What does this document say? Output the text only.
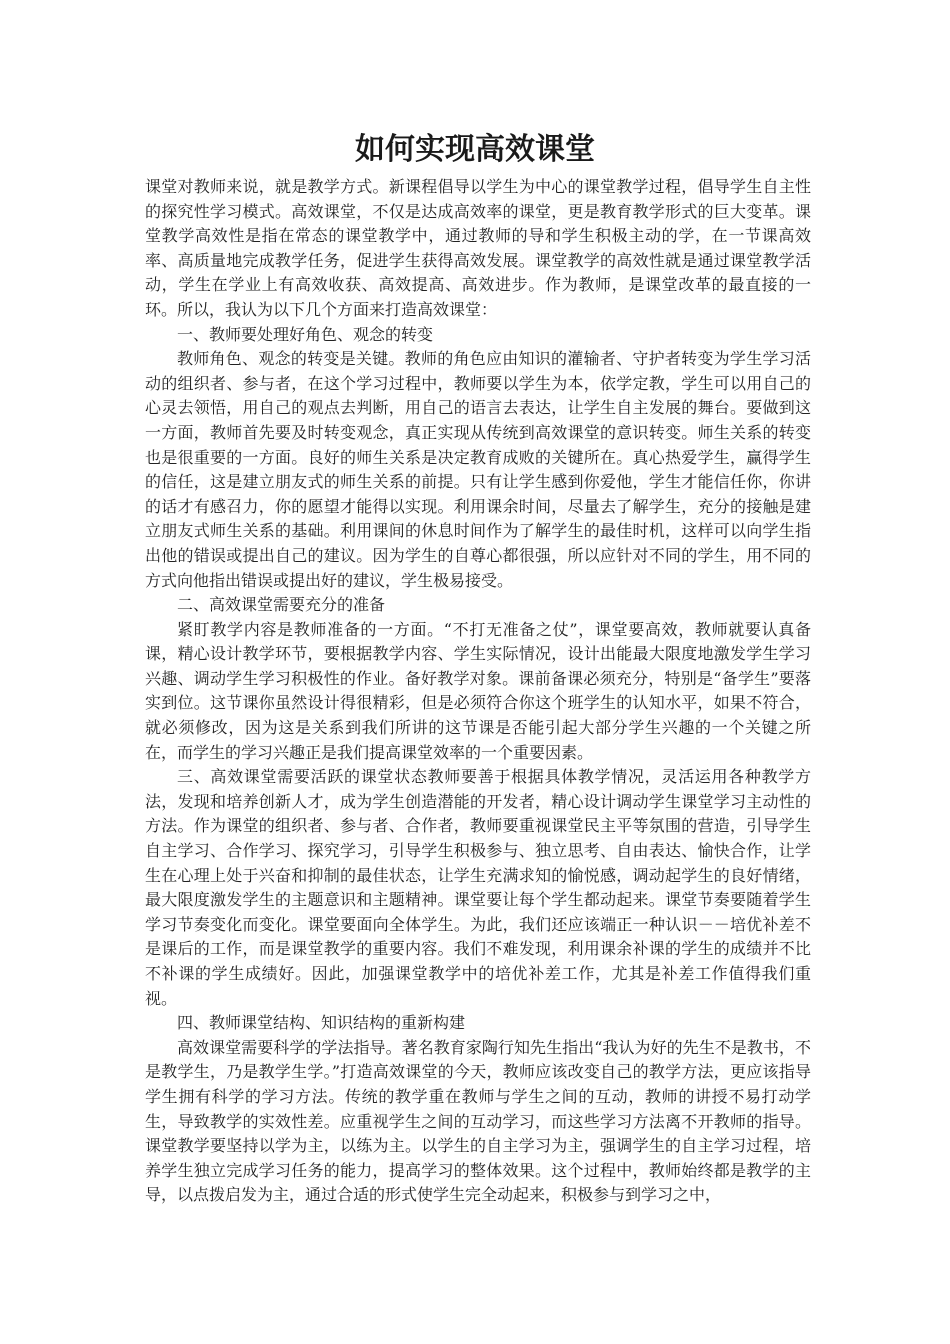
如何实现高效课堂

课堂对教师来说，就是教学方式。新课程倡导以学生为中心的课堂教学过程，倡导学生自主性的探究性学习模式。高效课堂，不仅是达成高效率的课堂，更是教育教学形式的巨大变革。课堂教学高效性是指在常态的课堂教学中，通过教师的导和学生积极主动的学，在一节课高效率、高质量地完成教学任务，促进学生获得高效发展。课堂教学的高效性就是通过课堂教学活动，学生在学业上有高效收获、高效提高、高效进步。作为教师，是课堂改革的最直接的一环。所以，我认为以下几个方面来打造高效课堂：

一、教师要处理好角色、观念的转变

教师角色、观念的转变是关键。教师的角色应由知识的灌输者、守护者转变为学生学习活动的组织者、参与者，在这个学习过程中，教师要以学生为本，依学定教，学生可以用自己的心灵去领悟，用自己的观点去判断，用自己的语言去表达，让学生自主发展的舞台。要做到这一方面，教师首先要及时转变观念，真正实现从传统到高效课堂的意识转变。师生关系的转变也是很重要的一方面。良好的师生关系是决定教育成败的关键所在。真心热爱学生，赢得学生的信任，这是建立朋友式的师生关系的前提。只有让学生感到你爱他，学生才能信任你，你讲的话才有感召力，你的愿望才能得以实现。利用课余时间，尽量去了解学生，充分的接触是建立朋友式师生关系的基础。利用课间的休息时间作为了解学生的最佳时机，这样可以向学生指出他的错误或提出自己的建议。因为学生的自尊心都很强，所以应针对不同的学生，用不同的方式向他指出错误或提出好的建议，学生极易接受。

二、高效课堂需要充分的准备

紧盯教学内容是教师准备的一方面。“不打无准备之仗”，课堂要高效，教师就要认真备课，精心设计教学环节，要根据教学内容、学生实际情况，设计出能最大限度地激发学生学习兴趣、调动学生学习积极性的作业。备好教学对象。课前备课必须充分，特别是“备学生”要落实到位。这节课你虽然设计得很精彩，但是必须符合你这个班学生的认知水平，如果不符合，就必须修改，因为这是关系到我们所讲的这节课是否能引起大部分学生兴趣的一个关键之所在，而学生的学习兴趣正是我们提高课堂效率的一个重要因素。

三、高效课堂需要活跃的课堂状态教师要善于根据具体教学情况，灵活运用各种教学方法，发现和培养创新人才，成为学生创造潜能的开发者，精心设计调动学生课堂学习主动性的方法。作为课堂的组织者、参与者、合作者，教师要重视课堂民主平等氛围的营造，引导学生自主学习、合作学习、探究学习，引导学生积极参与、独立思考、自由表达、愉快合作，让学生在心理上处于兴奋和抑制的最佳状态，让学生充满求知的愉悦感，调动起学生的良好情绪，最大限度激发学生的主题意识和主题精神。课堂要让每个学生都动起来。课堂节奏要随着学生学习节奏变化而变化。课堂要面向全体学生。为此，我们还应该端正一种认识－－培优补差不是课后的工作，而是课堂教学的重要内容。我们不难发现，利用课余补课的学生的成绩并不比不补课的学生成绩好。因此，加强课堂教学中的培优补差工作，尤其是补差工作值得我们重视。

四、教师课堂结构、知识结构的重新构建

高效课堂需要科学的学法指导。著名教育家陶行知先生指出“我认为好的先生不是教书，不是教学生，乃是教学生学。”打造高效课堂的今天，教师应该改变自己的教学方法，更应该指导学生拥有科学的学习方法。传统的教学重在教师与学生之间的互动，教师的讲授不易打动学生，导致教学的实效性差。应重视学生之间的互动学习，而这些学习方法离不开教师的指导。课堂教学要坚持以学为主，以练为主。以学生的自主学习为主，强调学生的自主学习过程，培养学生独立完成学习任务的能力，提高学习的整体效果。这个过程中，教师始终都是教学的主导，以点拨启发为主，通过合适的形式使学生完全动起来，积极参与到学习之中，
